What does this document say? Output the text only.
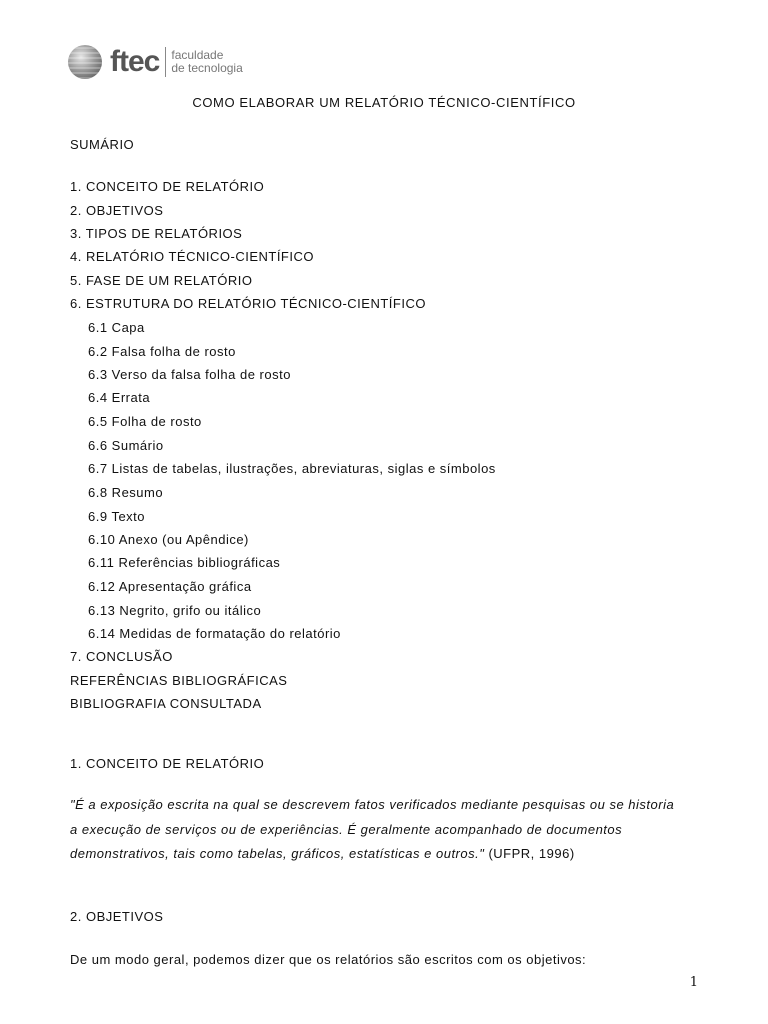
ftec faculdade
de tecnologia
COMO ELABORAR UM RELATÓRIO TÉCNICO-CIENTÍFICO
SUMÁRIO
1. CONCEITO DE RELATÓRIO
2. OBJETIVOS
3. TIPOS DE RELATÓRIOS
4. RELATÓRIO TÉCNICO-CIENTÍFICO
5. FASE DE UM RELATÓRIO
6. ESTRUTURA DO RELATÓRIO TÉCNICO-CIENTÍFICO
6.1 Capa
6.2 Falsa folha de rosto
6.3 Verso da falsa folha de rosto
6.4 Errata
6.5 Folha de rosto
6.6 Sumário
6.7 Listas de tabelas, ilustrações, abreviaturas, siglas e símbolos
6.8 Resumo
6.9 Texto
6.10 Anexo (ou Apêndice)
6.11 Referências bibliográficas
6.12 Apresentação gráfica
6.13 Negrito, grifo ou itálico
6.14 Medidas de formatação do relatório
7. CONCLUSÃO
REFERÊNCIAS BIBLIOGRÁFICAS
BIBLIOGRAFIA CONSULTADA
1. CONCEITO DE RELATÓRIO
"É a exposição escrita na qual se descrevem fatos verificados mediante pesquisas ou se historia
a execução de serviços ou de experiências. É geralmente acompanhado de documentos
demonstrativos, tais como tabelas, gráficos, estatísticas e outros." (UFPR, 1996)
2. OBJETIVOS
De um modo geral, podemos dizer que os relatórios são escritos com os objetivos:
1
